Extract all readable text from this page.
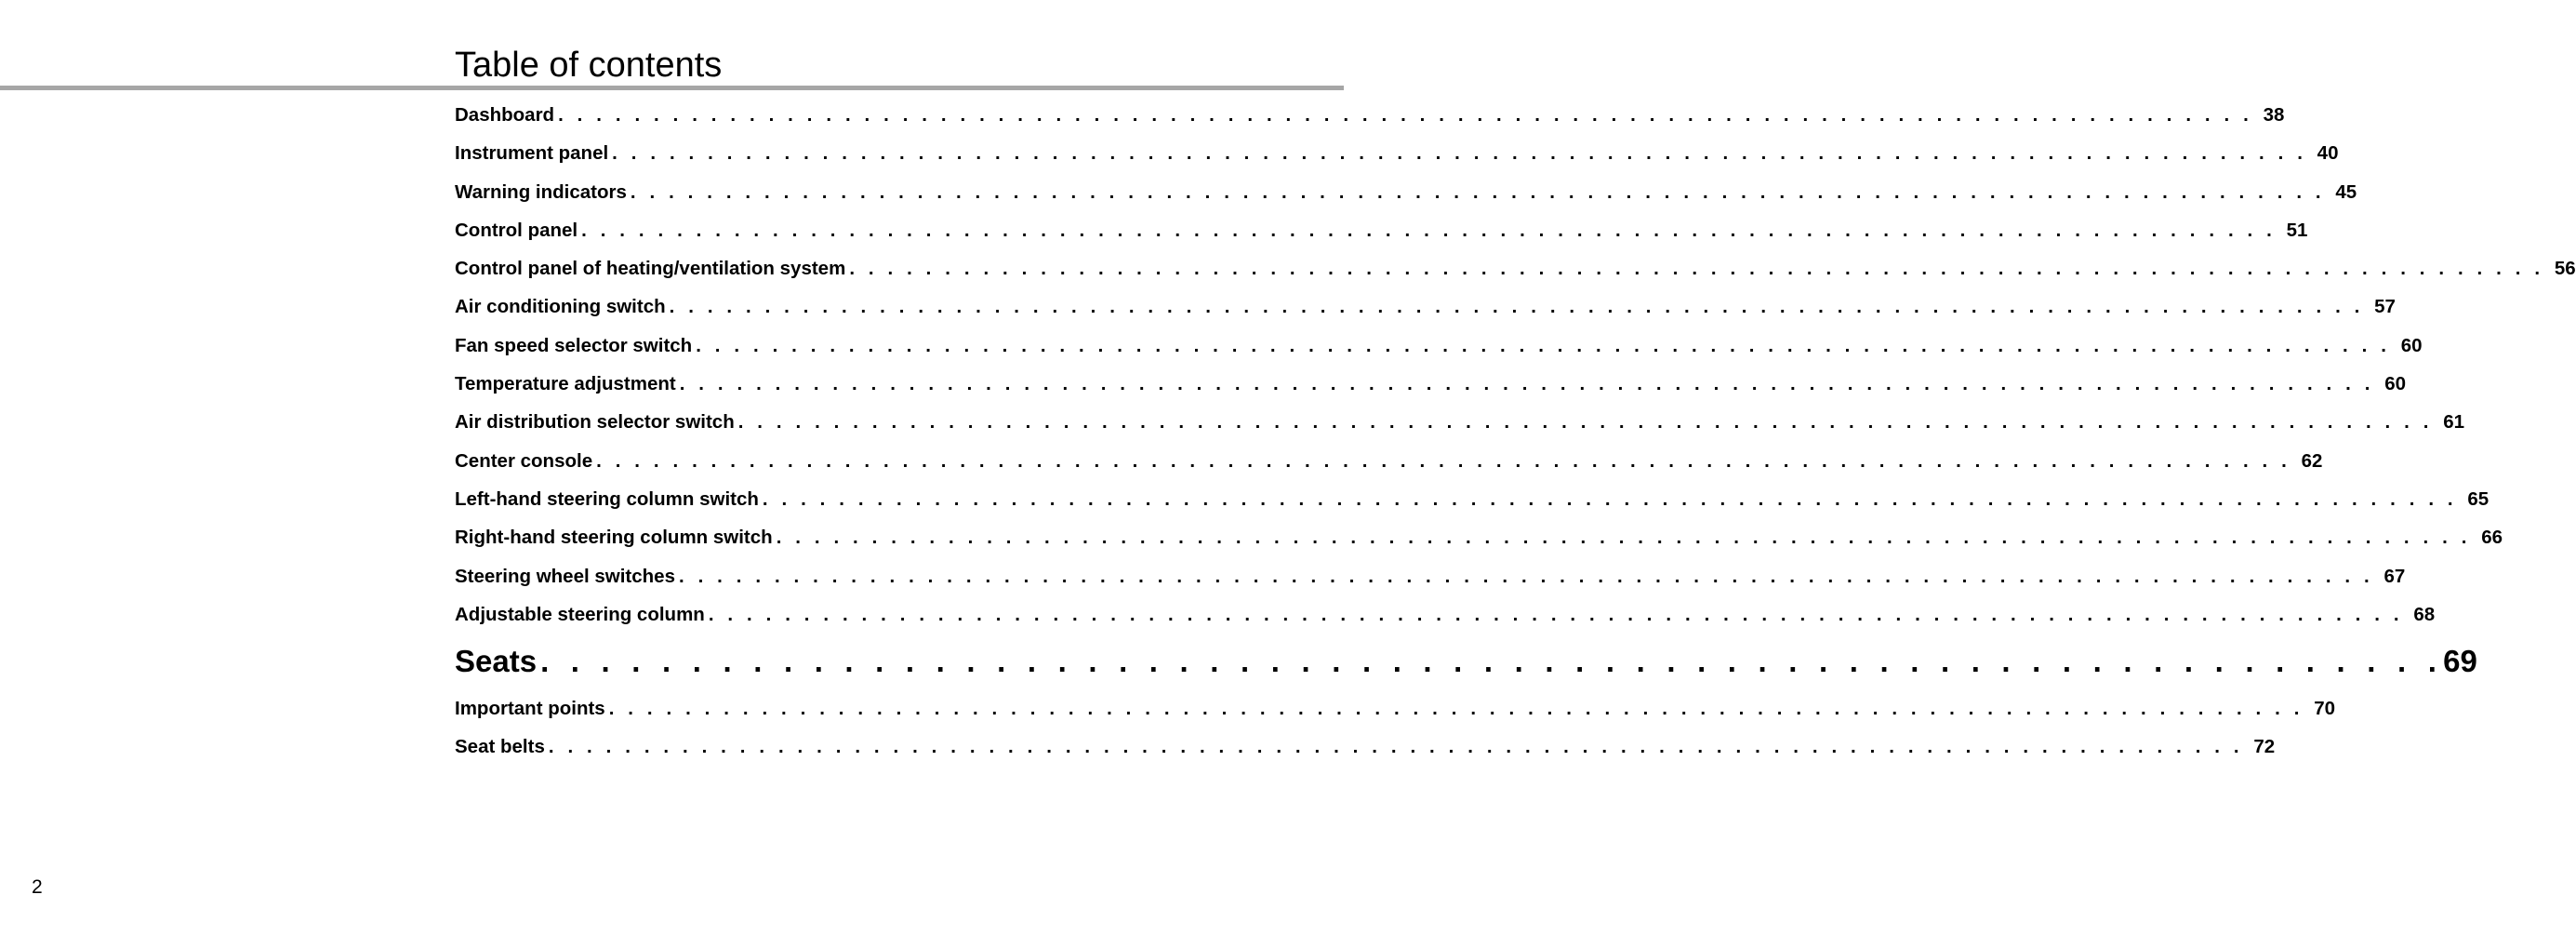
Table of contents
Dashboard . . . . . . . . . . . . . . . . . . . . . . . . . . . . . . . . . . . . . . . . . . . . . . . . . . . . . . . . . . . . . . . . . . . . . . . . . . . . . . . . . . . . . . . . . 38
Instrument panel . . . . . . . . . . . . . . . . . . . . . . . . . . . . . . . . . . . . . . . . . . . . . . . . . . . . . . . . . . . . . . . . . . . . . . . . . . . . . . . . . . . . . . . . . 40
Warning indicators . . . . . . . . . . . . . . . . . . . . . . . . . . . . . . . . . . . . . . . . . . . . . . . . . . . . . . . . . . . . . . . . . . . . . . . . . . . . . . . . . . . . . . . . . 45
Control panel . . . . . . . . . . . . . . . . . . . . . . . . . . . . . . . . . . . . . . . . . . . . . . . . . . . . . . . . . . . . . . . . . . . . . . . . . . . . . . . . . . . . . . . . . 51
Control panel of heating/ventilation system . . . . . . . . . . . . . . . . . . . . . . . . . . . . . . . . . . . . . . . . . . . . . . . . . . . . . . . . . . . . . . . . . . . . . . . . . . . . . . . . . . . . . . . . . 56
Air conditioning switch . . . . . . . . . . . . . . . . . . . . . . . . . . . . . . . . . . . . . . . . . . . . . . . . . . . . . . . . . . . . . . . . . . . . . . . . . . . . . . . . . . . . . . . . . 57
Fan speed selector switch . . . . . . . . . . . . . . . . . . . . . . . . . . . . . . . . . . . . . . . . . . . . . . . . . . . . . . . . . . . . . . . . . . . . . . . . . . . . . . . . . . . . . . . . . 60
Temperature adjustment . . . . . . . . . . . . . . . . . . . . . . . . . . . . . . . . . . . . . . . . . . . . . . . . . . . . . . . . . . . . . . . . . . . . . . . . . . . . . . . . . . . . . . . . . 60
Air distribution selector switch . . . . . . . . . . . . . . . . . . . . . . . . . . . . . . . . . . . . . . . . . . . . . . . . . . . . . . . . . . . . . . . . . . . . . . . . . . . . . . . . . . . . . . . . . 61
Center console . . . . . . . . . . . . . . . . . . . . . . . . . . . . . . . . . . . . . . . . . . . . . . . . . . . . . . . . . . . . . . . . . . . . . . . . . . . . . . . . . . . . . . . . . 62
Left-hand steering column switch . . . . . . . . . . . . . . . . . . . . . . . . . . . . . . . . . . . . . . . . . . . . . . . . . . . . . . . . . . . . . . . . . . . . . . . . . . . . . . . . . . . . . . . . . 65
Right-hand steering column switch . . . . . . . . . . . . . . . . . . . . . . . . . . . . . . . . . . . . . . . . . . . . . . . . . . . . . . . . . . . . . . . . . . . . . . . . . . . . . . . . . . . . . . . . . 66
Steering wheel switches . . . . . . . . . . . . . . . . . . . . . . . . . . . . . . . . . . . . . . . . . . . . . . . . . . . . . . . . . . . . . . . . . . . . . . . . . . . . . . . . . . . . . . . . . 67
Adjustable steering column . . . . . . . . . . . . . . . . . . . . . . . . . . . . . . . . . . . . . . . . . . . . . . . . . . . . . . . . . . . . . . . . . . . . . . . . . . . . . . . . . . . . . . . . . 68
Seats . . . . . . . . . . . . . . . . . . . . . . . . . . . . . . . . . . . . . . . . . . . . . . . . . . . . . . . . . . . . . . . 69
Important points . . . . . . . . . . . . . . . . . . . . . . . . . . . . . . . . . . . . . . . . . . . . . . . . . . . . . . . . . . . . . . . . . . . . . . . . . . . . . . . . . . . . . . . . . 70
Seat belts . . . . . . . . . . . . . . . . . . . . . . . . . . . . . . . . . . . . . . . . . . . . . . . . . . . . . . . . . . . . . . . . . . . . . . . . . . . . . . . . . . . . . . . . . 72

2
